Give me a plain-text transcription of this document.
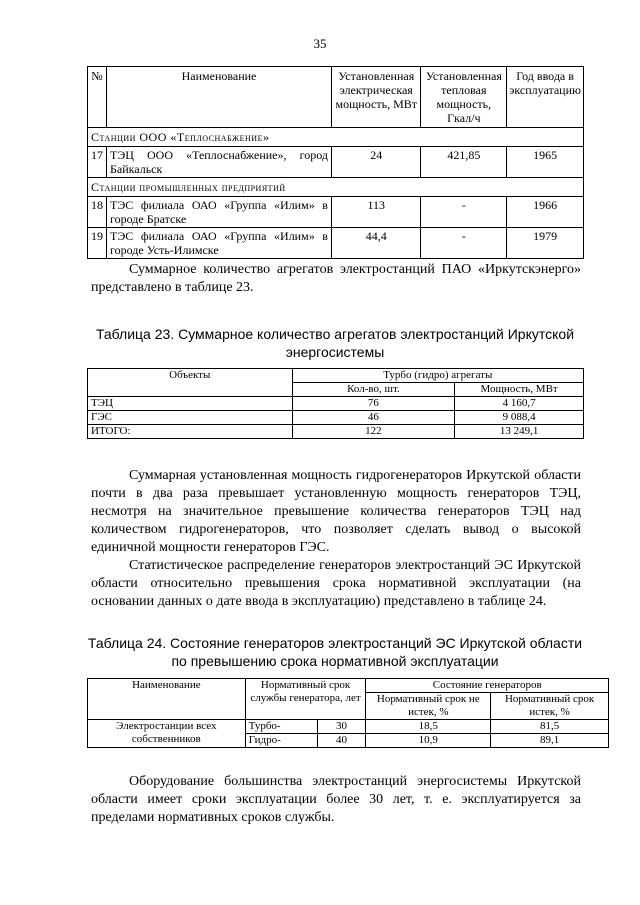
35
№	Наименование	Установленная электрическая мощность, МВт	Установленная тепловая мощность, Гкал/ч	Год ввода в эксплуатацию
Станции ООО «Теплоснабжение»				
17	ТЭЦ ООО «Теплоснабжение», город Байкальск	24	421,85	1965
Станции промышленных предприятий				
18	ТЭС филиала ОАО «Группа «Илим» в городе Братске	113	-	1966
19	ТЭС филиала ОАО «Группа «Илим» в городе Усть-Илимске	44,4	-	1979

Суммарное количество агрегатов электростанций ПАО «Иркутскэнерго» представлено в таблице 23.

Таблица 23. Суммарное количество агрегатов электростанций Иркутской энергосистемы
Объекты	Турбо (гидро) агрегаты	
	Кол-во, шт.	Мощность, МВт
ТЭЦ	76	4 160,7
ГЭС	46	9 088,4
ИТОГО:	122	13 249,1

Суммарная установленная мощность гидрогенераторов Иркутской области почти в два раза превышает установленную мощность генераторов ТЭЦ, несмотря на значительное превышение количества генераторов ТЭЦ над количеством гидрогенераторов, что позволяет сделать вывод о высокой единичной мощности генераторов ГЭС.

Статистическое распределение генераторов электростанций ЭС Иркутской области относительно превышения срока нормативной эксплуатации (на основании данных о дате ввода в эксплуатацию) представлено в таблице 24.

Таблица 24. Состояние генераторов электростанций ЭС Иркутской области по превышению срока нормативной эксплуатации
Наименование	Нормативный срок службы генератора, лет		Состояние генераторов	
			Нормативный срок не истек, %	Нормативный срок истек, %
Электростанции всех собственников	Турбо-	30	18,5	81,5
	Гидро-	40	10,9	89,1

Оборудование большинства электростанций энергосистемы Иркутской области имеет сроки эксплуатации более 30 лет, т. е. эксплуатируется за пределами нормативных сроков службы.
